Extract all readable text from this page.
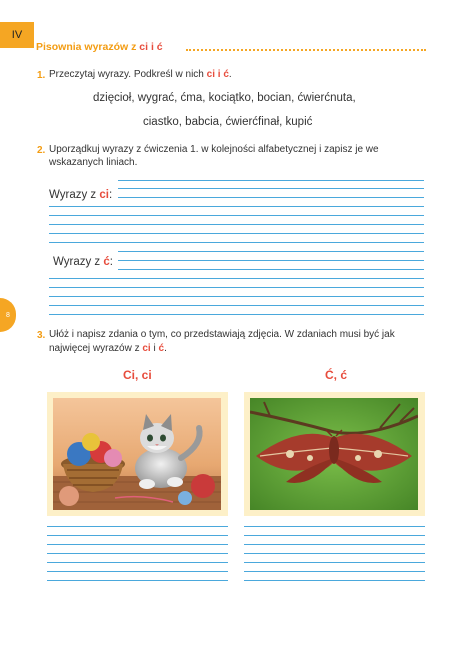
IV
Pisownia wyrazów z ci i ć
1. Przeczytaj wyrazy. Podkreśl w nich ci i ć.
dzięcioł, wygrać, ćma, kociątko, bocian, ćwierćnuta,
ciastko, babcia, ćwierćfinał, kupić
2. Uporządkuj wyrazy z ćwiczenia 1. w kolejności alfabetycznej i zapisz je we
wskazanych liniach.
Wyrazy z ci:
Wyrazy z ć:
8
3. Ułóż i napisz zdania o tym, co przedstawiają zdjęcia. W zdaniach musi być jak
najwięcej wyrazów z ci i ć.
Ci, ci	Ć, ć
